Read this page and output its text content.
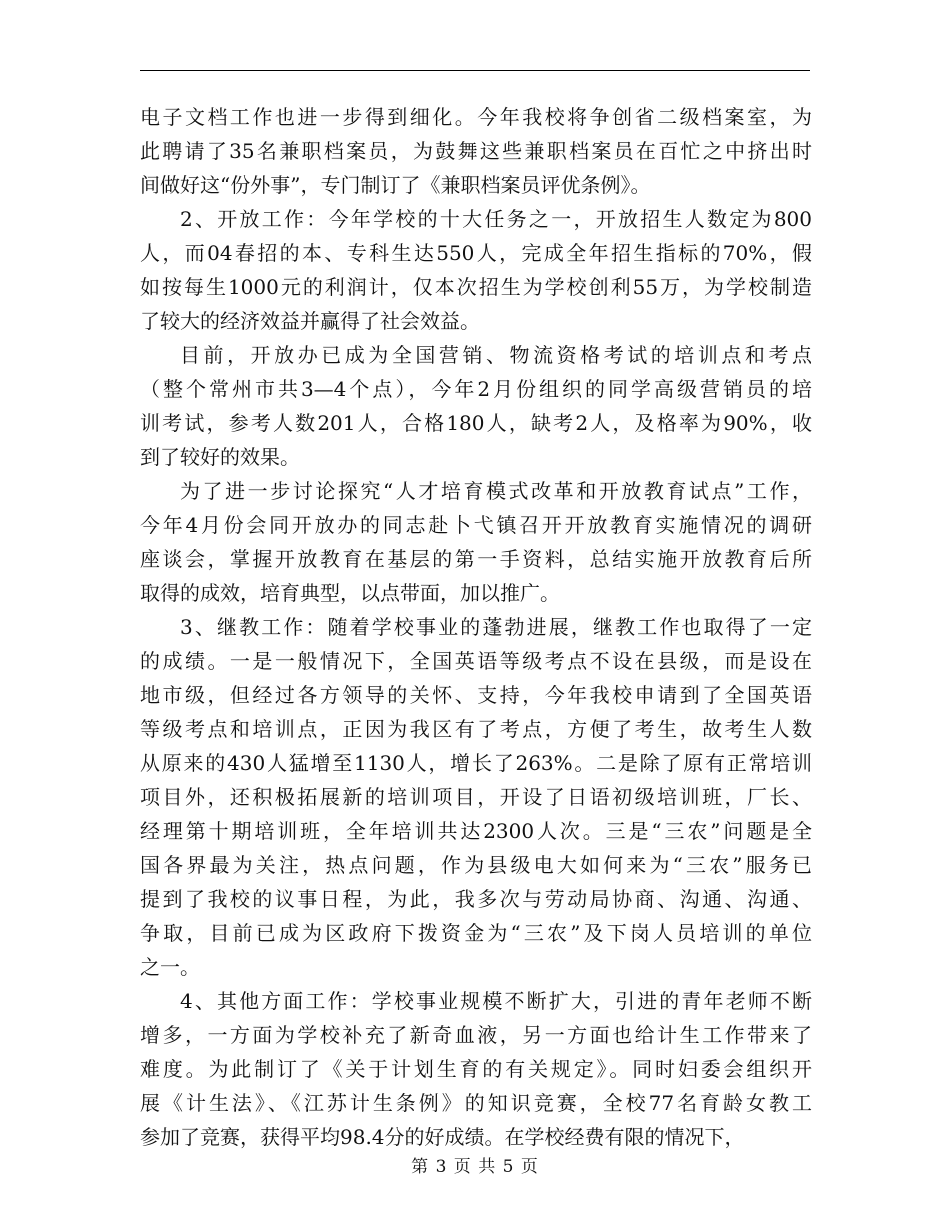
电子文档工作也进一步得到细化。今年我校将争创省二级档案室，为
此聘请了35名兼职档案员，为鼓舞这些兼职档案员在百忙之中挤出时
间做好这“份外事”，专门制订了《兼职档案员评优条例》。
2、开放工作：今年学校的十大任务之一，开放招生人数定为800
人，而04春招的本、专科生达550人，完成全年招生指标的70%，假
如按每生1000元的利润计，仅本次招生为学校创利55万，为学校制造
了较大的经济效益并赢得了社会效益。
目前，开放办已成为全国营销、物流资格考试的培训点和考点
（整个常州市共3—4个点），今年2月份组织的同学高级营销员的培
训考试，参考人数201人，合格180人，缺考2人，及格率为90%，收
到了较好的效果。
为了进一步讨论探究“人才培育模式改革和开放教育试点”工作，
今年4月份会同开放办的同志赴卜弋镇召开开放教育实施情况的调研
座谈会，掌握开放教育在基层的第一手资料，总结实施开放教育后所
取得的成效，培育典型，以点带面，加以推广。
3、继教工作：随着学校事业的蓬勃进展，继教工作也取得了一定
的成绩。一是一般情况下，全国英语等级考点不设在县级，而是设在
地市级，但经过各方领导的关怀、支持，今年我校申请到了全国英语
等级考点和培训点，正因为我区有了考点，方便了考生，故考生人数
从原来的430人猛增至1130人，增长了263%。二是除了原有正常培训
项目外，还积极拓展新的培训项目，开设了日语初级培训班，厂长、
经理第十期培训班，全年培训共达2300人次。三是“三农”问题是全
国各界最为关注，热点问题，作为县级电大如何来为“三农”服务已
提到了我校的议事日程，为此，我多次与劳动局协商、沟通、沟通、
争取，目前已成为区政府下拨资金为“三农”及下岗人员培训的单位
之一。
4、其他方面工作：学校事业规模不断扩大，引进的青年老师不断
增多，一方面为学校补充了新奇血液，另一方面也给计生工作带来了
难度。为此制订了《关于计划生育的有关规定》。同时妇委会组织开
展《计生法》、《江苏计生条例》的知识竞赛，全校77名育龄女教工
参加了竞赛，获得平均98.4分的好成绩。在学校经费有限的情况下，
第 3 页 共 5 页
